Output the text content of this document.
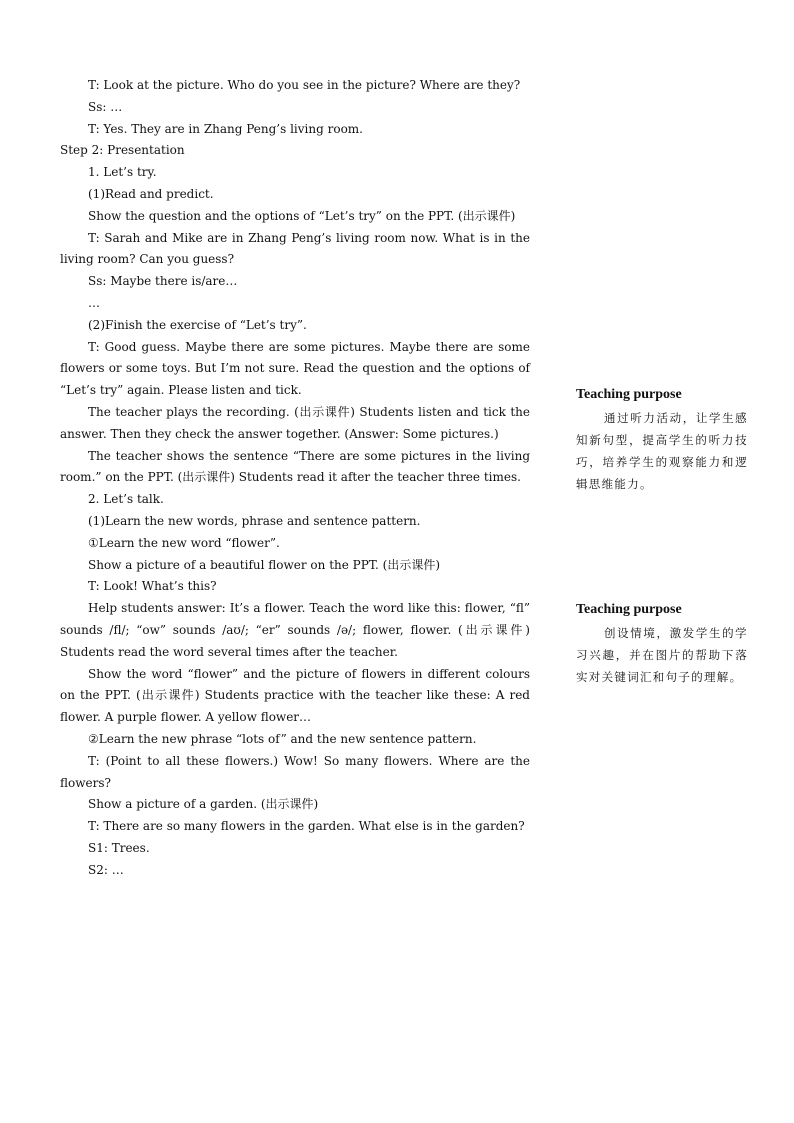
T: Look at the picture. Who do you see in the picture? Where are they?

Ss: …

T: Yes. They are in Zhang Peng’s living room.

Step 2: Presentation

1. Let’s try.

(1)Read and predict.

Show the question and the options of “Let’s try” on the PPT. (出示课件)

T: Sarah and Mike are in Zhang Peng’s living room now. What is in the living room? Can you guess?

Ss: Maybe there is/are…

…

(2)Finish the exercise of “Let’s try”.

T: Good guess. Maybe there are some pictures. Maybe there are some flowers or some toys. But I’m not sure. Read the question and the options of “Let’s try” again. Please listen and tick.

The teacher plays the recording. (出示课件) Students listen and tick the answer. Then they check the answer together. (Answer: Some pictures.)

The teacher shows the sentence “There are some pictures in the living room.” on the PPT. (出示课件) Students read it after the teacher three times.

2. Let’s talk.

(1)Learn the new words, phrase and sentence pattern.

①Learn the new word “flower”.

Show a picture of a beautiful flower on the PPT. (出示课件)

T: Look! What’s this?

Help students answer: It’s a flower. Teach the word like this: flower, “fl” sounds /fl/; “ow” sounds /aʊ/; “er” sounds /ə/; flower, flower. (出示课件) Students read the word several times after the teacher.

Show the word “flower” and the picture of flowers in different colours on the PPT. (出示课件) Students practice with the teacher like these: A red flower. A purple flower. A yellow flower…

②Learn the new phrase “lots of” and the new sentence pattern.

T: (Point to all these flowers.) Wow! So many flowers. Where are the flowers?

Show a picture of a garden. (出示课件)

T: There are so many flowers in the garden. What else is in the garden?

S1: Trees.

S2: …

Teaching purpose

通过听力活动，让学生感知新句型，提高学生的听力技巧，培养学生的观察能力和逻辑思维能力。

Teaching purpose

创设情境，激发学生的学习兴趣，并在图片的帮助下落实对关键词汇和句子的理解。
